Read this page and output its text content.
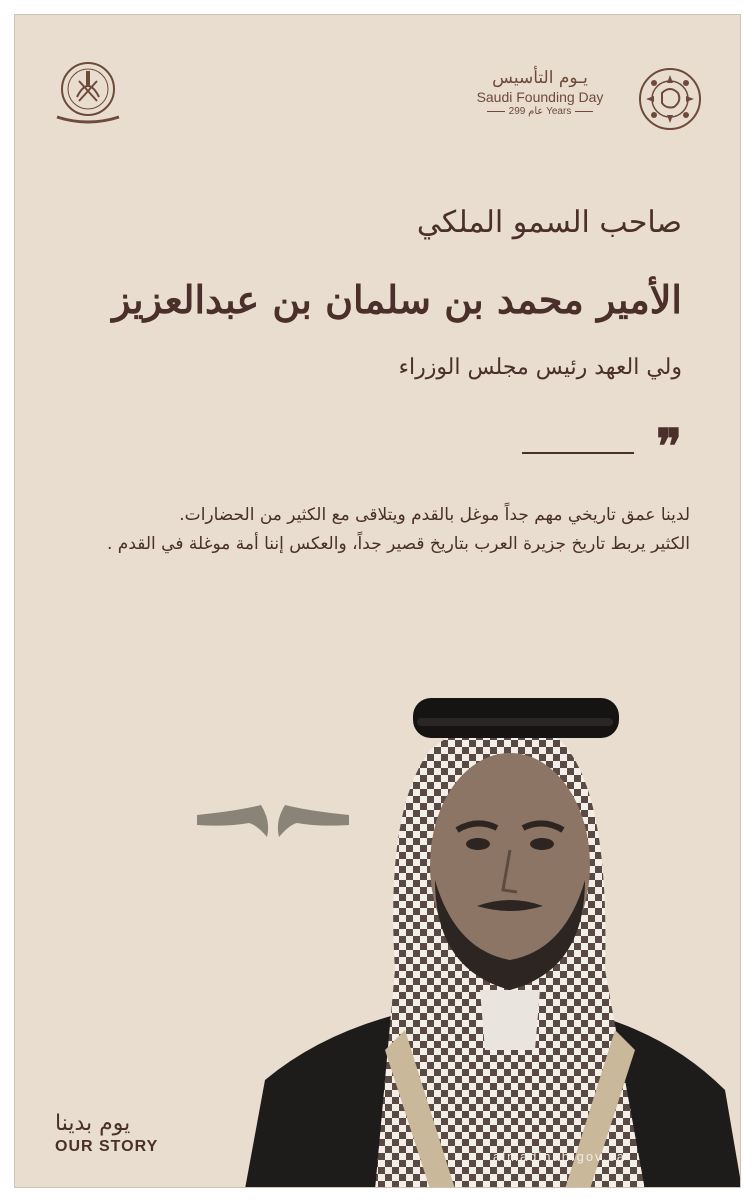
يـوم التأسيس
Saudi Founding Day
عام 299 Years
صاحب السمو الملكي
الأمير محمد بن سلمان بن عبدالعزيز
ولي العهد رئيس مجلس الوزراء
❞

لدينا عمق تاريخي مهم جداً موغل بالقدم ويتلاقى مع الكثير من الحضارات.

الكثير يربط تاريخ جزيرة العرب بتاريخ قصير جداً، والعكس إننا أمة موغلة في القدم .

يوم بدينا
OUR STORY
almadinah.gov.sa
